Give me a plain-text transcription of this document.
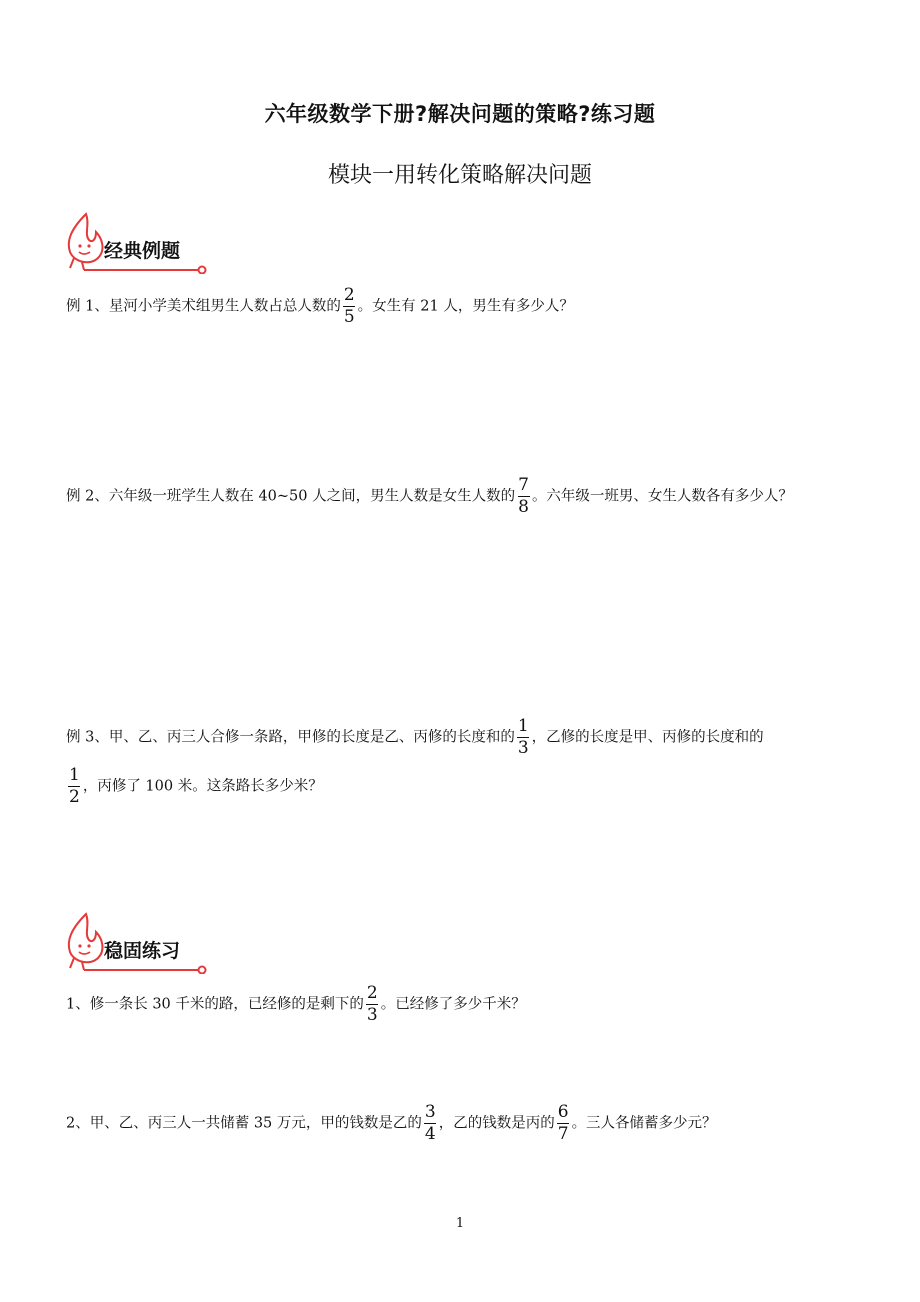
六年级数学下册?解决问题的策略?练习题
模块一用转化策略解决问题
经典例题
例 1、星河小学美术组男生人数占总人数的 $\frac{2}{5}$ 。女生有 21 人，男生有多少人？
例 2、六年级一班学生人数在 40~50 人之间，男生人数是女生人数的 $\frac{7}{8}$ 。六年级一班男、女生人数各有多少人？
例 3、甲、乙、丙三人合修一条路，甲修的长度是乙、丙修的长度和的 $\frac{1}{3}$ ，乙修的长度是甲、丙修的长度和的
$\frac{1}{2}$ ，丙修了 100 米。这条路长多少米？
稳固练习
1、修一条长 30 千米的路，已经修的是剩下的 $\frac{2}{3}$ 。已经修了多少千米？
2、甲、乙、丙三人一共储蓄 35 万元，甲的钱数是乙的 $\frac{3}{4}$ ，乙的钱数是丙的 $\frac{6}{7}$ 。三人各储蓄多少元？
1
